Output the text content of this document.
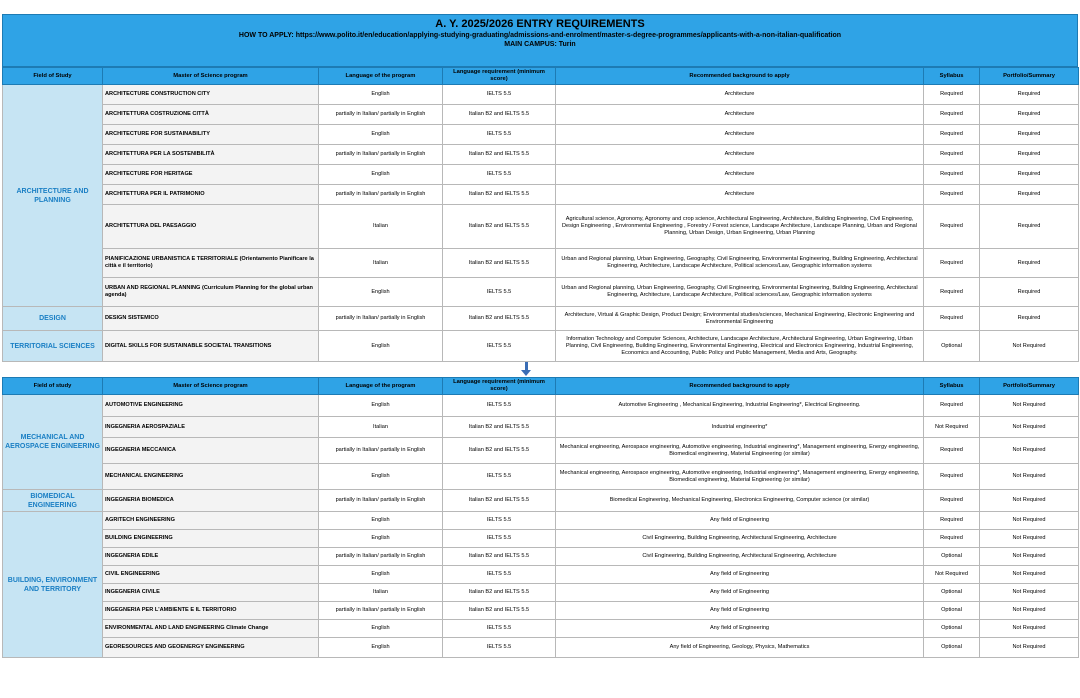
A. Y. 2025/2026 ENTRY REQUIREMENTS
HOW TO APPLY: https://www.polito.it/en/education/applying-studying-graduating/admissions-and-enrolment/master-s-degree-programmes/applicants-with-a-non-italian-qualification
MAIN CAMPUS: Turin
Field of Study	Master of Science program	Language of the program	Language requirement (minimum score)	Recommended background to apply	Syllabus	Portfolio/Summary
ARCHITECTURE AND PLANNING	ARCHITECTURE CONSTRUCTION CITY	English	IELTS 5.5	Architecture	Required	Required
	ARCHITETTURA COSTRUZIONE CITTÀ	partially in Italian/ partially in English	Italian B2 and IELTS 5.5	Architecture	Required	Required
	ARCHITECTURE FOR SUSTAINABILITY	English	IELTS 5.5	Architecture	Required	Required
	ARCHITETTURA PER LA SOSTENIBILITÀ	partially in Italian/ partially in English	Italian B2 and IELTS 5.5	Architecture	Required	Required
	ARCHITECTURE FOR HERITAGE	English	IELTS 5.5	Architecture	Required	Required
	ARCHITETTURA PER IL PATRIMONIO	partially in Italian/ partially in English	Italian B2 and IELTS 5.5	Architecture	Required	Required
	ARCHITETTURA DEL PAESAGGIO	Italian	Italian B2 and IELTS 5.5	Agricultural science, Agronomy, Agronomy and crop science, Architectural Engineering, Architecture, Building Engineering, Civil Engineering, Design Engineering , Environmental Engineering , Forestry / Forest science, Landscape Architecture, Landscape Planning, Urban and Regional Planning, Urban Design, Urban Engineering, Urban Planning	Required	Required
	PIANIFICAZIONE URBANISTICA E TERRITORIALE (Orientamento Pianificare la città e il territorio)	Italian	Italian B2 and IELTS 5.5	Urban and Regional planning, Urban Engineering, Geography, Civil Engineering, Environmental Engineering, Building Engineering, Architectural Engineering, Architecture, Landscape Architecture, Political sciences/Law, Geographic information systems	Required	Required
	URBAN AND REGIONAL PLANNING (Curriculum Planning for the global urban agenda)	English	IELTS 5.5	Urban and Regional planning, Urban Engineering, Geography, Civil Engineering, Environmental Engineering, Building Engineering, Architectural Engineering, Architecture, Landscape Architecture, Political sciences/Law, Geographic information systems	Required	Required
DESIGN	DESIGN SISTEMICO	partially in Italian/ partially in English	Italian B2 and IELTS 5.5	Architecture, Virtual & Graphic Design, Product Design; Environmental studies/sciences, Mechanical Engineering, Electronic Engineering and Environmental Engineering	Required	Required
TERRITORIAL SCIENCES	DIGITAL SKILLS FOR SUSTAINABLE SOCIETAL TRANSITIONS	English	IELTS 5.5	Information Technology and Computer Sciences, Architecture, Landscape Architecture, Architectural Engineering, Urban Engineering, Urban Planning, Civil Engineering, Building Engineering, Environmental Engineering, Electrical and Electronics Engineering, Industrial Engineering, Economics and Accounting, Public Policy and Public Management, Media and Arts, Geography.	Optional	Not Required
Field of study	Master of Science program	Language of the program	Language requirement (minimum score)	Recommended background to apply	Syllabus	Portfolio/Summary
MECHANICAL AND AEROSPACE ENGINEERING	AUTOMOTIVE ENGINEERING	English	IELTS 5.5	Automotive Engineering , Mechanical Engineering, Industrial Engineering*, Electrical Engineering.	Required	Not Required
	INGEGNERIA AEROSPAZIALE	Italian	Italian B2 and IELTS 5.5	Industrial engineering*	Not Required	Not Required
	INGEGNERIA MECCANICA	partially in Italian/ partially in English	Italian B2 and IELTS 5.5	Mechanical engineering, Aerospace engineering, Automotive engineering, Industrial engineering*, Management engineering, Energy engineering, Biomedical engineering, Material Engineering (or similar)	Required	Not Required
	MECHANICAL ENGINEERING	English	IELTS 5.5	Mechanical engineering, Aerospace engineering, Automotive engineering, Industrial engineering*, Management engineering, Energy engineering, Biomedical engineering, Material Engineering (or similar)	Required	Not Required
BIOMEDICAL ENGINEERING	INGEGNERIA BIOMEDICA	partially in Italian/ partially in English	Italian B2 and IELTS 5.5	Biomedical Engineering, Mechanical Engineering, Electronics Engineering, Computer science (or similar)	Required	Not Required
BUILDING, ENVIRONMENT AND TERRITORY	AGRITECH ENGINEERING	English	IELTS 5.5	Any field of Engineering	Required	Not Required
	BUILDING ENGINEERING	English	IELTS 5.5	Civil Engineering, Building Engineering, Architectural Engineering, Architecture	Required	Not Required
	INGEGNERIA EDILE	partially in Italian/ partially in English	Italian B2 and IELTS 5.5	Civil Engineering, Building Engineering, Architectural Engineering, Architecture	Optional	Not Required
	CIVIL ENGINEERING	English	IELTS 5.5	Any field of Engineering	Not Required	Not Required
	INGEGNERIA CIVILE	Italian	Italian B2 and IELTS 5.5	Any field of Engineering	Optional	Not Required
	INGEGNERIA PER L'AMBIENTE E IL TERRITORIO	partially in Italian/ partially in English	Italian B2 and IELTS 5.5	Any field of Engineering	Optional	Not Required
	ENVIRONMENTAL AND LAND ENGINEERING Climate Change	English	IELTS 5.5	Any field of Engineering	Optional	Not Required
	GEORESOURCES AND GEOENERGY ENGINEERING	English	IELTS 5.5	Any field of Engineering, Geology, Physics, Mathematics	Optional	Not Required
